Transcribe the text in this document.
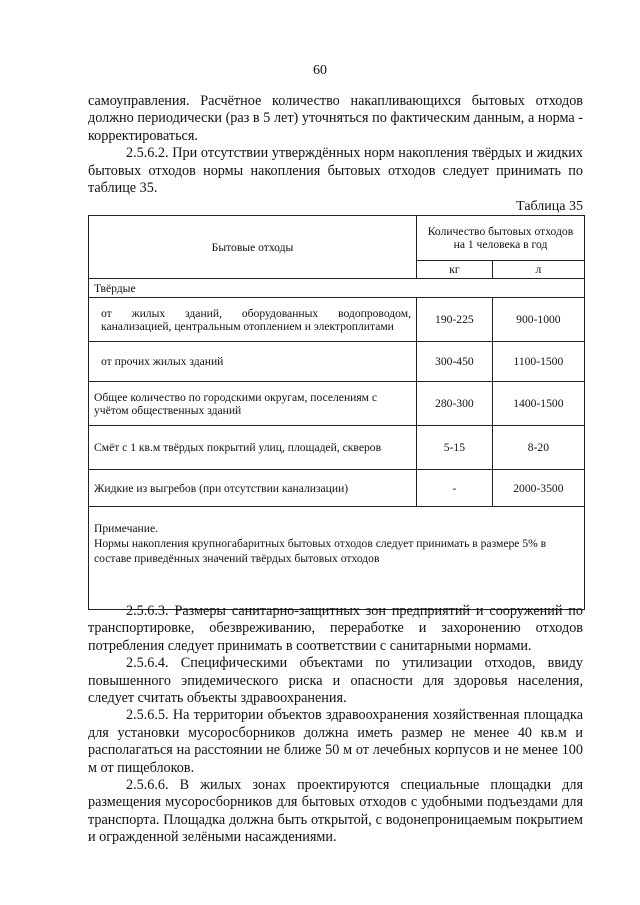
60

самоуправления. Расчётное количество накапливающихся бытовых отходов должно периодически (раз в 5 лет) уточняться по фактическим данным, а норма - корректироваться.

2.5.6.2. При отсутствии утверждённых норм накопления твёрдых и жидких бытовых отходов нормы накопления бытовых отходов следует принимать по таблице 35.

Таблица 35
Бытовые отходы	Количество бытовых отходов на 1 человека в год	
	кг	л
Твёрдые		
от жилых зданий, оборудованных водопроводом, канализацией, центральным отоплением и электроплитами	190-225	900-1000
от прочих жилых зданий	300-450	1100-1500
Общее количество по городскими округам, поселениям с учётом общественных зданий	280-300	1400-1500
Смёт с 1 кв.м твёрдых покрытий улиц, площадей, скверов	5-15	8-20
Жидкие из выгребов (при отсутствии канализации)	-	2000-3500

Примечание.
Нормы накопления крупногабаритных бытовых отходов следует принимать в размере 5% в составе приведённых значений твёрдых бытовых отходов		

2.5.6.3. Размеры санитарно-защитных зон предприятий и сооружений по транспортировке, обезвреживанию, переработке и захоронению отходов потребления следует принимать в соответствии с санитарными нормами.

2.5.6.4. Специфическими объектами по утилизации отходов, ввиду повышенного эпидемического риска и опасности для здоровья населения, следует считать объекты здравоохранения.

2.5.6.5. На территории объектов здравоохранения хозяйственная площадка для установки мусоросборников должна иметь размер не менее 40 кв.м и располагаться на расстоянии не ближе 50 м от лечебных корпусов и не менее 100 м от пищеблоков.

2.5.6.6. В жилых зонах проектируются специальные площадки для размещения мусоросборников для бытовых отходов с удобными подъездами для транспорта. Площадка должна быть открытой, с водонепроницаемым покрытием и огражденной зелёными насаждениями.
